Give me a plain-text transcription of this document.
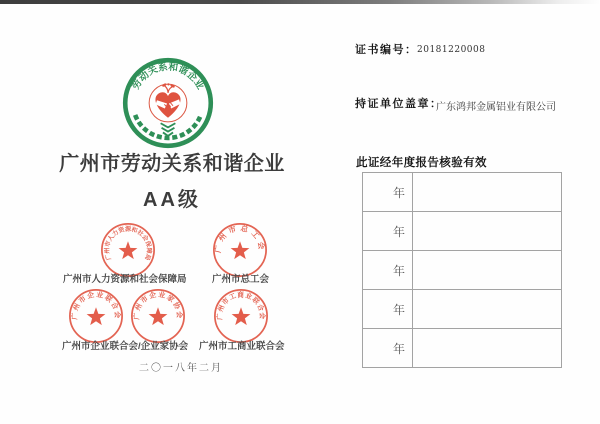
劳动关系和谐企业
广州市劳动关系和谐企业
AA级
广州市人力资源和社会保障局
广州市总工会
广州市企业联合会 广州市企业家协会	广州市工商业联合会
广州市人力资源和社会保障局	广州市总工会
广州市企业联合会/企业家协会 广州市工商业联合会
二〇一八年二月
证书编号： 20181220008
持证单位盖章：
广东鸿邦金属铝业有限公司
此证经年度报告核验有效
年
年
年
年
年
